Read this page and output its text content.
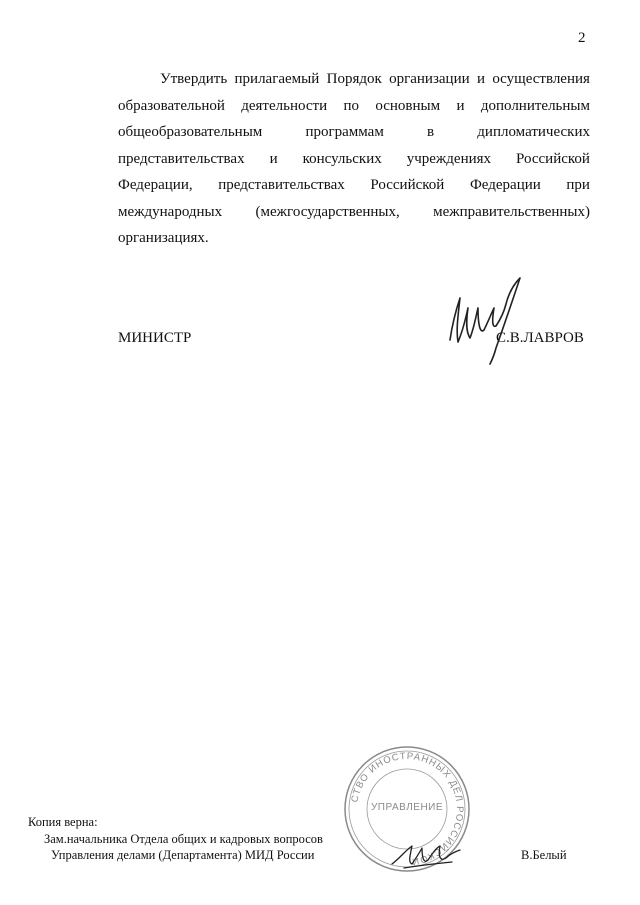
2
Утвердить прилагаемый Порядок организации и осуществления
образовательной деятельности по основным и дополнительным
общеобразовательным	программам	в	дипломатических
представительствах и консульских учреждениях Российской
Федерации, представительствах Российской Федерации при
международных (межгосударственных, межправительственных)
организациях.
МИНИСТР	С.В.ЛАВРОВ
СТВО ИНОСТРАННЫХ ДЕЛ РОССИЙСКОЙ
УПРАВЛЕНИЕ
Копия верна:
Зам.начальника Отдела общих и кадровых вопросов
Управления делами (Департамента) МИД России	В.Белый
